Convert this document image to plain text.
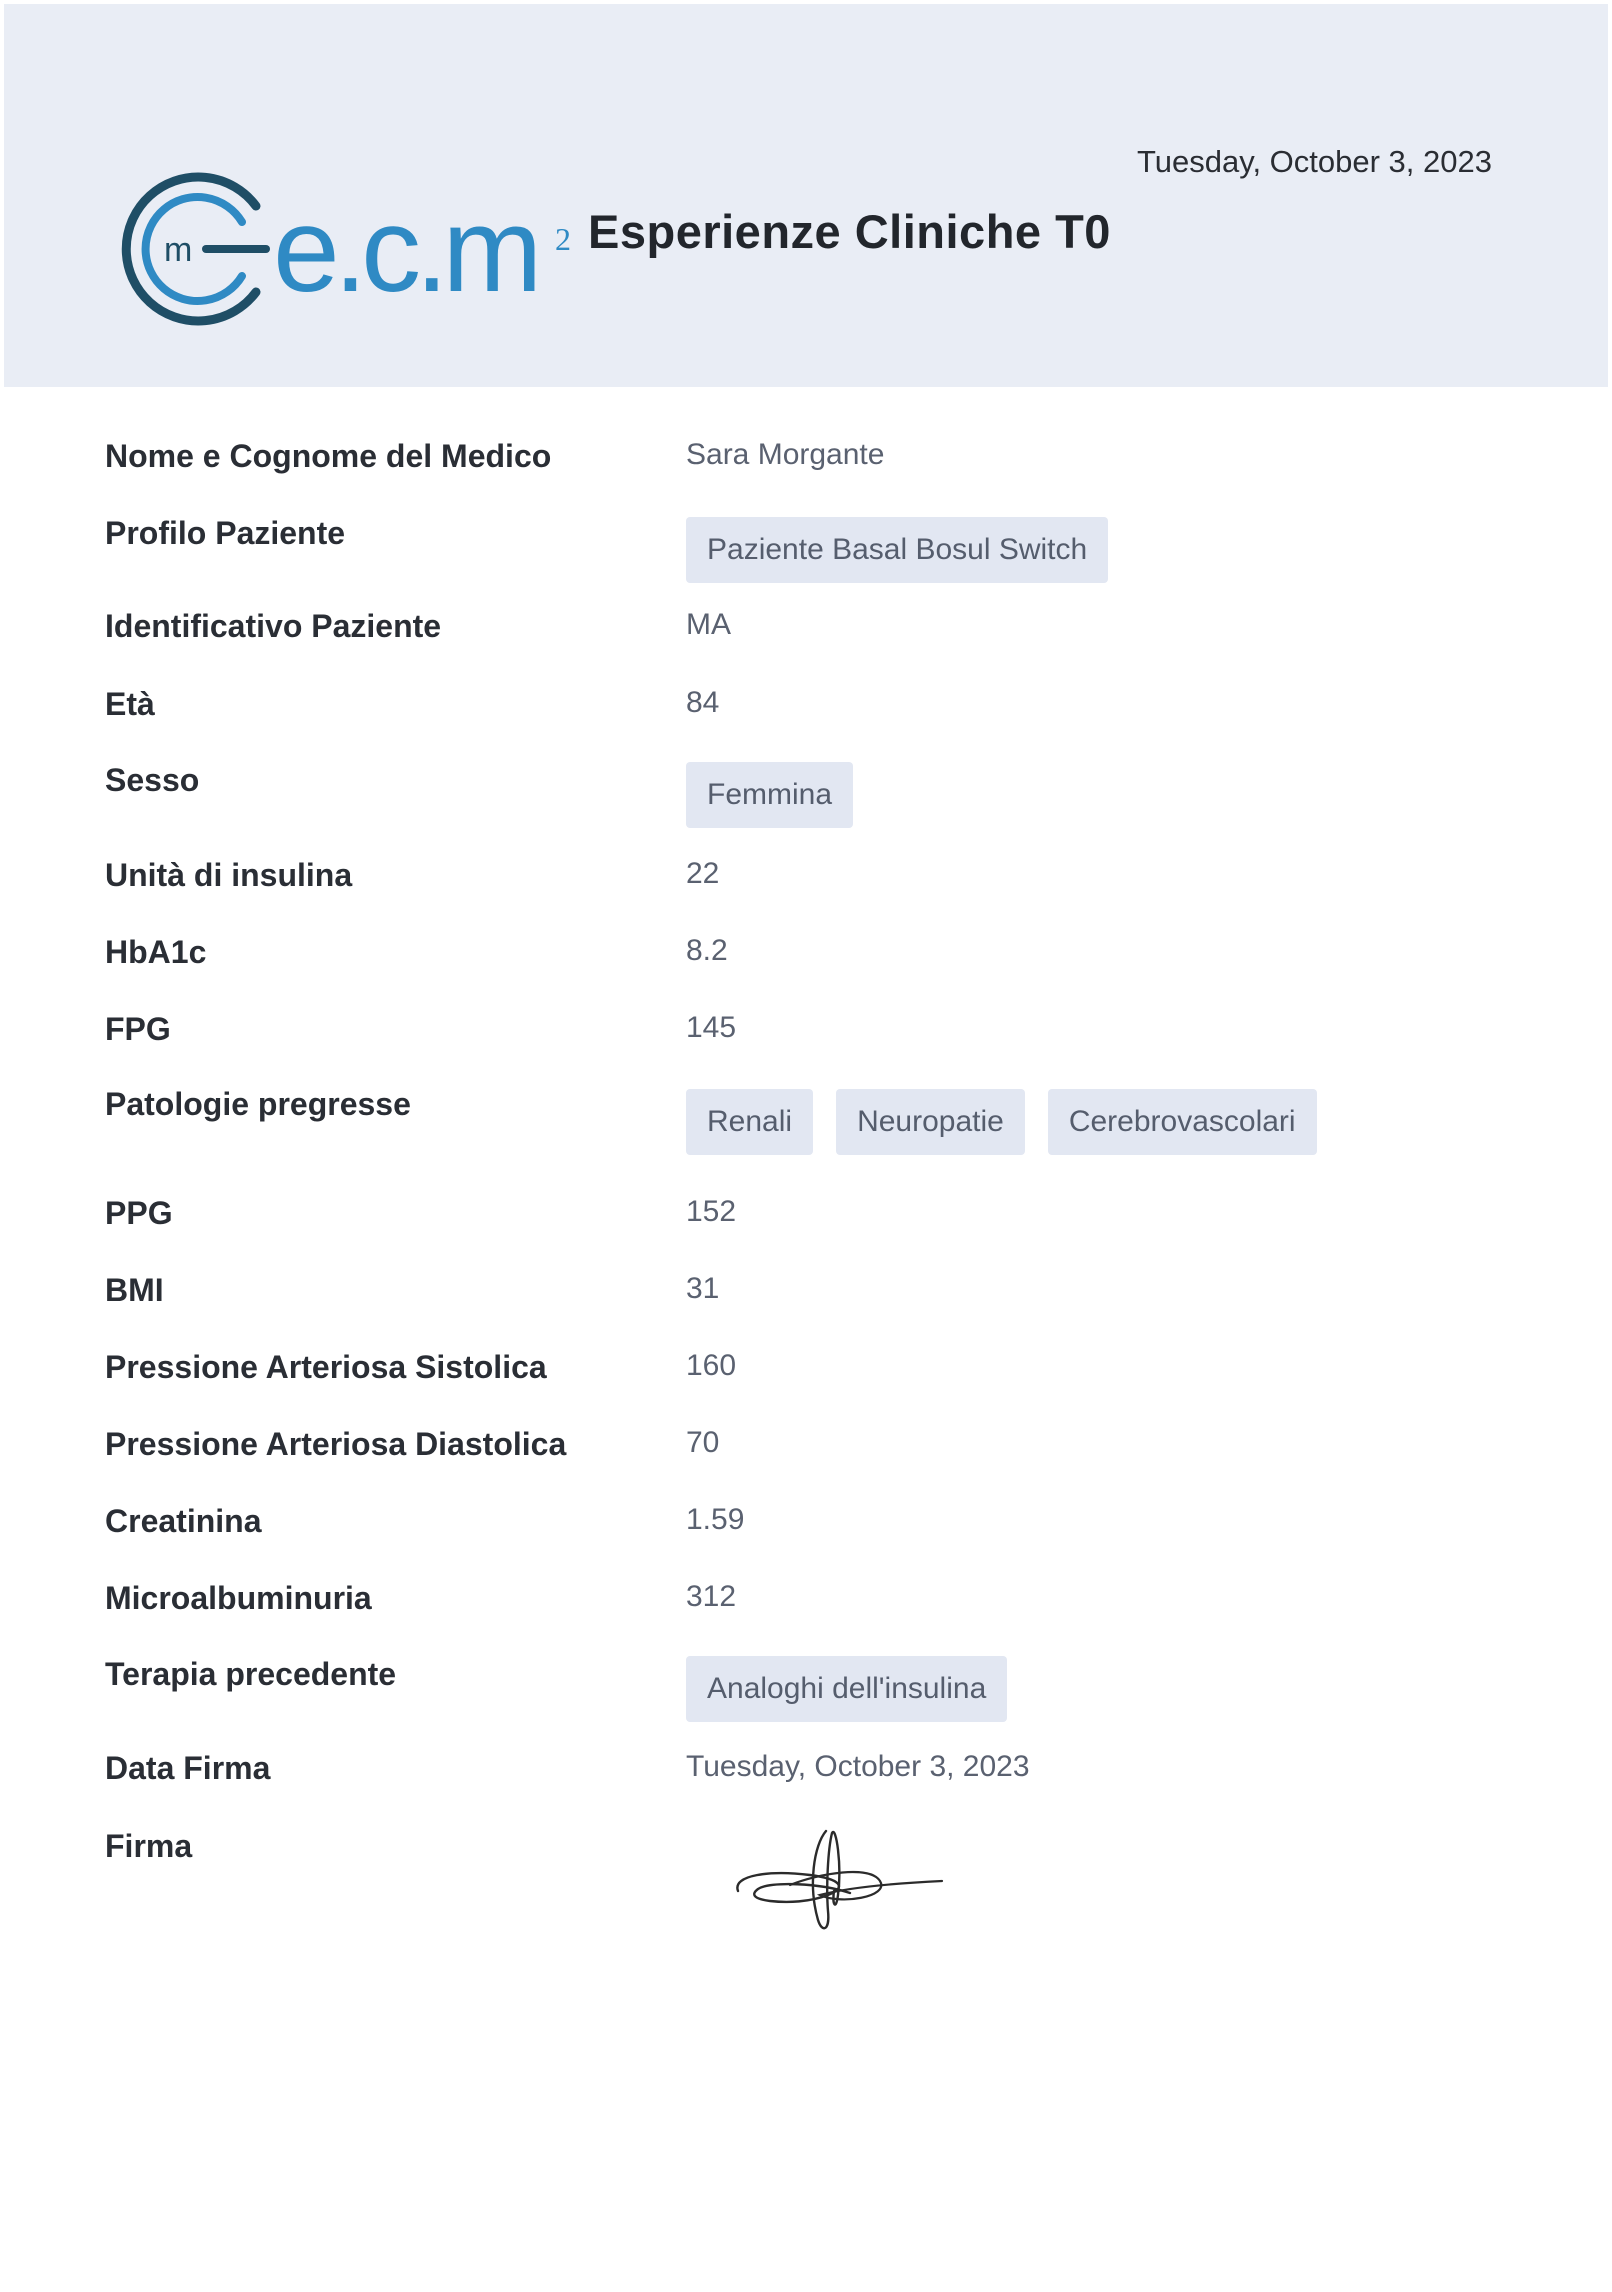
m e.c.m 2 Esperienze Cliniche T0
Tuesday, October 3, 2023
Nome e Cognome del Medico	Sara Morgante
Profilo Paziente	Paziente Basal Bosul Switch
Identificativo Paziente	MA
Età	84
Sesso	Femmina
Unità di insulina	22
HbA1c	8.2
FPG	145
Patologie pregresse	Renali	Neuropatie	Cerebrovascolari
PPG	152
BMI	31
Pressione Arteriosa Sistolica	160
Pressione Arteriosa Diastolica	70
Creatinina	1.59
Microalbuminuria	312
Terapia precedente	Analoghi dell'insulina
Data Firma	Tuesday, October 3, 2023
Firma
